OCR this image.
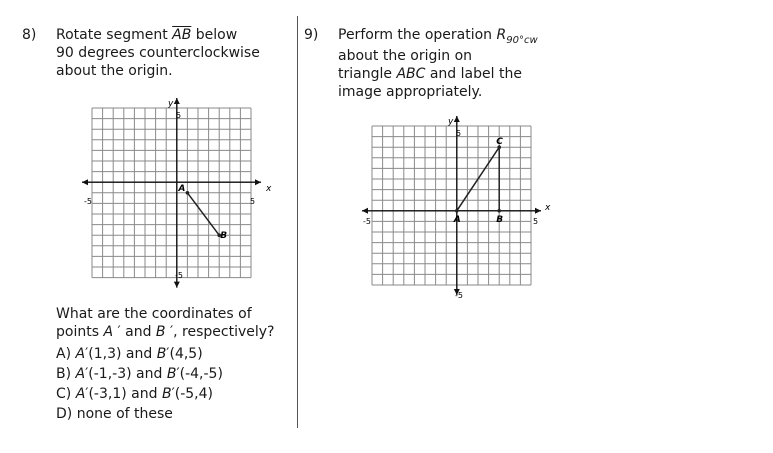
8) Rotate segment $\overline{AB}$ below
90 degrees counterclockwise
about the origin.
y
x
5
-5
-5	5
A
B
What are the coordinates of
points A ′ and B ′, respectively?
A) A′(1,3) and B′(4,5)
B) A′(-1,-3) and B′(-4,-5)
C) A′(-3,1) and B′(-5,4)
D) none of these
9) Perform the operation $R_{90^\circ cw}$
about the origin on
triangle ABC and label the
image appropriately.
y
x
5
-5
-5	5
A	B
C
